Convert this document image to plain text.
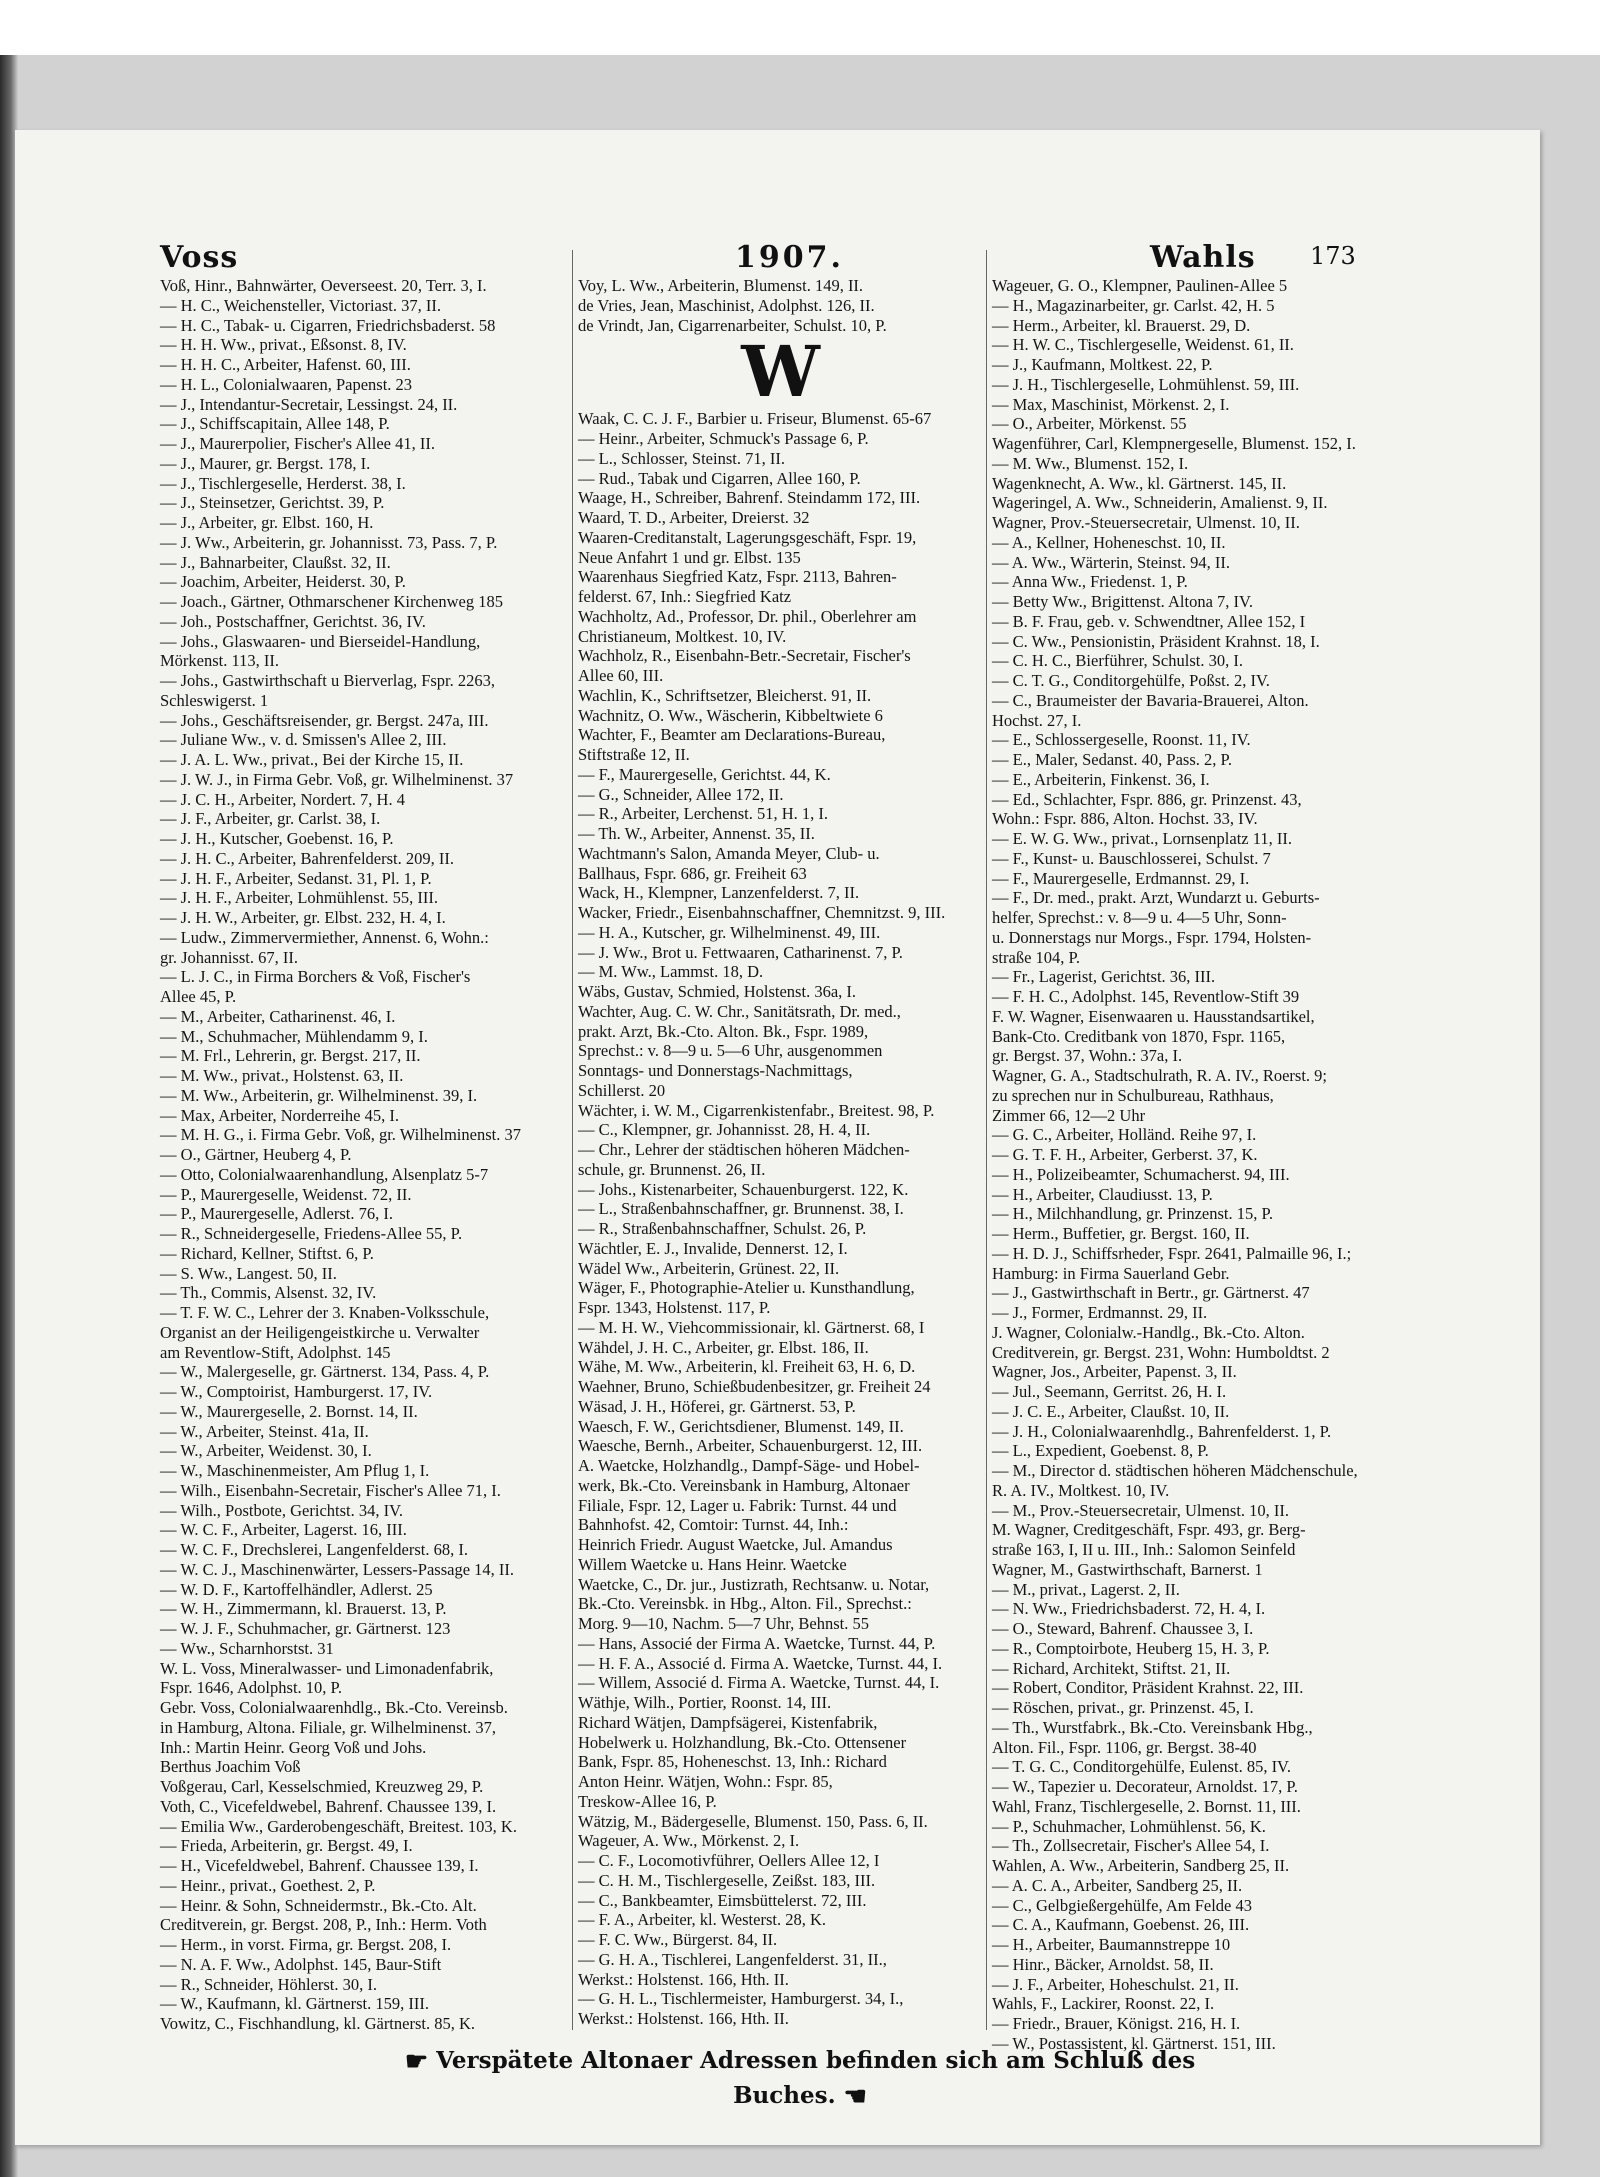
Voss	1907.	Wahls 173
Voß, Hinr., Bahnwärter, Oeverseest. 20, Terr. 3, I.
— H. C., Weichensteller, Victoriast. 37, II.
— H. C., Tabak- u. Cigarren, Friedrichsbaderst. 58
— H. H. Ww., privat., Eßsonst. 8, IV.
— H. H. C., Arbeiter, Hafenst. 60, III.
— H. L., Colonialwaaren, Papenst. 23
— J., Intendantur-Secretair, Lessingst. 24, II.
— J., Schiffscapitain, Allee 148, P.
— J., Maurerpolier, Fischer's Allee 41, II.
— J., Maurer, gr. Bergst. 178, I.
— J., Tischlergeselle, Herderst. 38, I.
— J., Steinsetzer, Gerichtst. 39, P.
— J., Arbeiter, gr. Elbst. 160, H.
— J. Ww., Arbeiterin, gr. Johannisst. 73, Pass. 7, P.
— J., Bahnarbeiter, Claußst. 32, II.
— Joachim, Arbeiter, Heiderst. 30, P.
— Joach., Gärtner, Othmarschener Kirchenweg 185
— Joh., Postschaffner, Gerichtst. 36, IV.
— Johs., Glaswaaren- und Bierseidel-Handlung,
Mörkenst. 113, II.
— Johs., Gastwirthschaft u Bierverlag, Fspr. 2263,
Schleswigerst. 1
— Johs., Geschäftsreisender, gr. Bergst. 247a, III.
— Juliane Ww., v. d. Smissen's Allee 2, III.
— J. A. L. Ww., privat., Bei der Kirche 15, II.
— J. W. J., in Firma Gebr. Voß, gr. Wilhelminenst. 37
— J. C. H., Arbeiter, Nordert. 7, H. 4
— J. F., Arbeiter, gr. Carlst. 38, I.
— J. H., Kutscher, Goebenst. 16, P.
— J. H. C., Arbeiter, Bahrenfelderst. 209, II.
— J. H. F., Arbeiter, Sedanst. 31, Pl. 1, P.
— J. H. F., Arbeiter, Lohmühlenst. 55, III.
— J. H. W., Arbeiter, gr. Elbst. 232, H. 4, I.
— Ludw., Zimmervermiether, Annenst. 6, Wohn.:
gr. Johannisst. 67, II.
— L. J. C., in Firma Borchers & Voß, Fischer's
Allee 45, P.
— M., Arbeiter, Catharinenst. 46, I.
— M., Schuhmacher, Mühlendamm 9, I.
— M. Frl., Lehrerin, gr. Bergst. 217, II.
— M. Ww., privat., Holstenst. 63, II.
— M. Ww., Arbeiterin, gr. Wilhelminenst. 39, I.
— Max, Arbeiter, Norderreihe 45, I.
— M. H. G., i. Firma Gebr. Voß, gr. Wilhelminenst. 37
— O., Gärtner, Heuberg 4, P.
— Otto, Colonialwaarenhandlung, Alsenplatz 5-7
— P., Maurergeselle, Weidenst. 72, II.
— P., Maurergeselle, Adlerst. 76, I.
— R., Schneidergeselle, Friedens-Allee 55, P.
— Richard, Kellner, Stiftst. 6, P.
— S. Ww., Langest. 50, II.
— Th., Commis, Alsenst. 32, IV.
— T. F. W. C., Lehrer der 3. Knaben-Volksschule,
Organist an der Heiligengeistkirche u. Verwalter
am Reventlow-Stift, Adolphst. 145
— W., Malergeselle, gr. Gärtnerst. 134, Pass. 4, P.
— W., Comptoirist, Hamburgerst. 17, IV.
— W., Maurergeselle, 2. Bornst. 14, II.
— W., Arbeiter, Steinst. 41a, II.
— W., Arbeiter, Weidenst. 30, I.
— W., Maschinenmeister, Am Pflug 1, I.
— Wilh., Eisenbahn-Secretair, Fischer's Allee 71, I.
— Wilh., Postbote, Gerichtst. 34, IV.
— W. C. F., Arbeiter, Lagerst. 16, III.
— W. C. F., Drechslerei, Langenfelderst. 68, I.
— W. C. J., Maschinenwärter, Lessers-Passage 14, II.
— W. D. F., Kartoffelhändler, Adlerst. 25
— W. H., Zimmermann, kl. Brauerst. 13, P.
— W. J. F., Schuhmacher, gr. Gärtnerst. 123
— Ww., Scharnhorstst. 31
W. L. Voss, Mineralwasser- und Limonadenfabrik,
Fspr. 1646, Adolphst. 10, P.
Gebr. Voss, Colonialwaarenhdlg., Bk.-Cto. Vereinsb.
in Hamburg, Altona. Filiale, gr. Wilhelminenst. 37,
Inh.: Martin Heinr. Georg Voß und Johs.
Berthus Joachim Voß
Voßgerau, Carl, Kesselschmied, Kreuzweg 29, P.
Voth, C., Vicefeldwebel, Bahrenf. Chaussee 139, I.
— Emilia Ww., Garderobengeschäft, Breitest. 103, K.
— Frieda, Arbeiterin, gr. Bergst. 49, I.
— H., Vicefeldwebel, Bahrenf. Chaussee 139, I.
— Heinr., privat., Goethest. 2, P.
— Heinr. & Sohn, Schneidermstr., Bk.-Cto. Alt.
Creditverein, gr. Bergst. 208, P., Inh.: Herm. Voth
— Herm., in vorst. Firma, gr. Bergst. 208, I.
— N. A. F. Ww., Adolphst. 145, Baur-Stift
— R., Schneider, Höhlerst. 30, I.
— W., Kaufmann, kl. Gärtnerst. 159, III.
Vowitz, C., Fischhandlung, kl. Gärtnerst. 85, K.
Voy, L. Ww., Arbeiterin, Blumenst. 149, II.
de Vries, Jean, Maschinist, Adolphst. 126, II.
de Vrindt, Jan, Cigarrenarbeiter, Schulst. 10, P.
W
Waak, C. C. J. F., Barbier u. Friseur, Blumenst. 65-67
— Heinr., Arbeiter, Schmuck's Passage 6, P.
— L., Schlosser, Steinst. 71, II.
— Rud., Tabak und Cigarren, Allee 160, P.
Waage, H., Schreiber, Bahrenf. Steindamm 172, III.
Waard, T. D., Arbeiter, Dreierst. 32
Waaren-Creditanstalt, Lagerungsgeschäft, Fspr. 19,
Neue Anfahrt 1 und gr. Elbst. 135
Waarenhaus Siegfried Katz, Fspr. 2113, Bahren-
felderst. 67, Inh.: Siegfried Katz
Wachholtz, Ad., Professor, Dr. phil., Oberlehrer am
Christianeum, Moltkest. 10, IV.
Wachholz, R., Eisenbahn-Betr.-Secretair, Fischer's
Allee 60, III.
Wachlin, K., Schriftsetzer, Bleicherst. 91, II.
Wachnitz, O. Ww., Wäscherin, Kibbeltwiete 6
Wachter, F., Beamter am Declarations-Bureau,
Stiftstraße 12, II.
— F., Maurergeselle, Gerichtst. 44, K.
— G., Schneider, Allee 172, II.
— R., Arbeiter, Lerchenst. 51, H. 1, I.
— Th. W., Arbeiter, Annenst. 35, II.
Wachtmann's Salon, Amanda Meyer, Club- u.
Ballhaus, Fspr. 686, gr. Freiheit 63
Wack, H., Klempner, Lanzenfelderst. 7, II.
Wacker, Friedr., Eisenbahnschaffner, Chemnitzst. 9, III.
— H. A., Kutscher, gr. Wilhelminenst. 49, III.
— J. Ww., Brot u. Fettwaaren, Catharinenst. 7, P.
— M. Ww., Lammst. 18, D.
Wäbs, Gustav, Schmied, Holstenst. 36a, I.
Wachter, Aug. C. W. Chr., Sanitätsrath, Dr. med.,
prakt. Arzt, Bk.-Cto. Alton. Bk., Fspr. 1989,
Sprechst.: v. 8—9 u. 5—6 Uhr, ausgenommen
Sonntags- und Donnerstags-Nachmittags,
Schillerst. 20
Wächter, i. W. M., Cigarrenkistenfabr., Breitest. 98, P.
— C., Klempner, gr. Johannisst. 28, H. 4, II.
— Chr., Lehrer der städtischen höheren Mädchen-
schule, gr. Brunnenst. 26, II.
— Johs., Kistenarbeiter, Schauenburgerst. 122, K.
— L., Straßenbahnschaffner, gr. Brunnenst. 38, I.
— R., Straßenbahnschaffner, Schulst. 26, P.
Wächtler, E. J., Invalide, Dennerst. 12, I.
Wädel Ww., Arbeiterin, Grünest. 22, II.
Wäger, F., Photographie-Atelier u. Kunsthandlung,
Fspr. 1343, Holstenst. 117, P.
— M. H. W., Viehcommissionair, kl. Gärtnerst. 68, I
Wähdel, J. H. C., Arbeiter, gr. Elbst. 186, II.
Wähe, M. Ww., Arbeiterin, kl. Freiheit 63, H. 6, D.
Waehner, Bruno, Schießbudenbesitzer, gr. Freiheit 24
Wäsad, J. H., Höferei, gr. Gärtnerst. 53, P.
Waesch, F. W., Gerichtsdiener, Blumenst. 149, II.
Waesche, Bernh., Arbeiter, Schauenburgerst. 12, III.
A. Waetcke, Holzhandlg., Dampf-Säge- und Hobel-
werk, Bk.-Cto. Vereinsbank in Hamburg, Altonaer
Filiale, Fspr. 12, Lager u. Fabrik: Turnst. 44 und
Bahnhofst. 42, Comtoir: Turnst. 44, Inh.:
Heinrich Friedr. August Waetcke, Jul. Amandus
Willem Waetcke u. Hans Heinr. Waetcke
Waetcke, C., Dr. jur., Justizrath, Rechtsanw. u. Notar,
Bk.-Cto. Vereinsbk. in Hbg., Alton. Fil., Sprechst.:
Morg. 9—10, Nachm. 5—7 Uhr, Behnst. 55
— Hans, Associé der Firma A. Waetcke, Turnst. 44, P.
— H. F. A., Associé d. Firma A. Waetcke, Turnst. 44, I.
— Willem, Associé d. Firma A. Waetcke, Turnst. 44, I.
Wäthje, Wilh., Portier, Roonst. 14, III.
Richard Wätjen, Dampfsägerei, Kistenfabrik,
Hobelwerk u. Holzhandlung, Bk.-Cto. Ottensener
Bank, Fspr. 85, Hoheneschst. 13, Inh.: Richard
Anton Heinr. Wätjen, Wohn.: Fspr. 85,
Treskow-Allee 16, P.
Wätzig, M., Bädergeselle, Blumenst. 150, Pass. 6, II.
Wageuer, A. Ww., Mörkenst. 2, I.
— C. F., Locomotivführer, Oellers Allee 12, I
— C. H. M., Tischlergeselle, Zeißst. 183, III.
— C., Bankbeamter, Eimsbüttelerst. 72, III.
— F. A., Arbeiter, kl. Westerst. 28, K.
— F. C. Ww., Bürgerst. 84, II.
— G. H. A., Tischlerei, Langenfelderst. 31, II.,
Werkst.: Holstenst. 166, Hth. II.
— G. H. L., Tischlermeister, Hamburgerst. 34, I.,
Werkst.: Holstenst. 166, Hth. II.
Wageuer, G. O., Klempner, Paulinen-Allee 5
— H., Magazinarbeiter, gr. Carlst. 42, H. 5
— Herm., Arbeiter, kl. Brauerst. 29, D.
— H. W. C., Tischlergeselle, Weidenst. 61, II.
— J., Kaufmann, Moltkest. 22, P.
— J. H., Tischlergeselle, Lohmühlenst. 59, III.
— Max, Maschinist, Mörkenst. 2, I.
— O., Arbeiter, Mörkenst. 55
Wagenführer, Carl, Klempnergeselle, Blumenst. 152, I.
— M. Ww., Blumenst. 152, I.
Wagenknecht, A. Ww., kl. Gärtnerst. 145, II.
Wageringel, A. Ww., Schneiderin, Amalienst. 9, II.
Wagner, Prov.-Steuersecretair, Ulmenst. 10, II.
— A., Kellner, Hoheneschst. 10, II.
— A. Ww., Wärterin, Steinst. 94, II.
— Anna Ww., Friedenst. 1, P.
— Betty Ww., Brigittenst. Altona 7, IV.
— B. F. Frau, geb. v. Schwendtner, Allee 152, I
— C. Ww., Pensionistin, Präsident Krahnst. 18, I.
— C. H. C., Bierführer, Schulst. 30, I.
— C. T. G., Conditorgehülfe, Poßst. 2, IV.
— C., Braumeister der Bavaria-Brauerei, Alton.
Hochst. 27, I.
— E., Schlossergeselle, Roonst. 11, IV.
— E., Maler, Sedanst. 40, Pass. 2, P.
— E., Arbeiterin, Finkenst. 36, I.
— Ed., Schlachter, Fspr. 886, gr. Prinzenst. 43,
Wohn.: Fspr. 886, Alton. Hochst. 33, IV.
— E. W. G. Ww., privat., Lornsenplatz 11, II.
— F., Kunst- u. Bauschlosserei, Schulst. 7
— F., Maurergeselle, Erdmannst. 29, I.
— F., Dr. med., prakt. Arzt, Wundarzt u. Geburts-
helfer, Sprechst.: v. 8—9 u. 4—5 Uhr, Sonn-
u. Donnerstags nur Morgs., Fspr. 1794, Holsten-
straße 104, P.
— Fr., Lagerist, Gerichtst. 36, III.
— F. H. C., Adolphst. 145, Reventlow-Stift 39
F. W. Wagner, Eisenwaaren u. Hausstandsartikel,
Bank-Cto. Creditbank von 1870, Fspr. 1165,
gr. Bergst. 37, Wohn.: 37a, I.
Wagner, G. A., Stadtschulrath, R. A. IV., Roerst. 9;
zu sprechen nur in Schulbureau, Rathhaus,
Zimmer 66, 12—2 Uhr
— G. C., Arbeiter, Holländ. Reihe 97, I.
— G. T. F. H., Arbeiter, Gerberst. 37, K.
— H., Polizeibeamter, Schumacherst. 94, III.
— H., Arbeiter, Claudiusst. 13, P.
— H., Milchhandlung, gr. Prinzenst. 15, P.
— Herm., Buffetier, gr. Bergst. 160, II.
— H. D. J., Schiffsrheder, Fspr. 2641, Palmaille 96, I.;
Hamburg: in Firma Sauerland Gebr.
— J., Gastwirthschaft in Bertr., gr. Gärtnerst. 47
— J., Former, Erdmannst. 29, II.
J. Wagner, Colonialw.-Handlg., Bk.-Cto. Alton.
Creditverein, gr. Bergst. 231, Wohn: Humboldtst. 2
Wagner, Jos., Arbeiter, Papenst. 3, II.
— Jul., Seemann, Gerritst. 26, H. I.
— J. C. E., Arbeiter, Claußst. 10, II.
— J. H., Colonialwaarenhdlg., Bahrenfelderst. 1, P.
— L., Expedient, Goebenst. 8, P.
— M., Director d. städtischen höheren Mädchenschule,
R. A. IV., Moltkest. 10, IV.
— M., Prov.-Steuersecretair, Ulmenst. 10, II.
M. Wagner, Creditgeschäft, Fspr. 493, gr. Berg-
straße 163, I, II u. III., Inh.: Salomon Seinfeld
Wagner, M., Gastwirthschaft, Barnerst. 1
— M., privat., Lagerst. 2, II.
— N. Ww., Friedrichsbaderst. 72, H. 4, I.
— O., Steward, Bahrenf. Chaussee 3, I.
— R., Comptoirbote, Heuberg 15, H. 3, P.
— Richard, Architekt, Stiftst. 21, II.
— Robert, Conditor, Präsident Krahnst. 22, III.
— Röschen, privat., gr. Prinzenst. 45, I.
— Th., Wurstfabrk., Bk.-Cto. Vereinsbank Hbg.,
Alton. Fil., Fspr. 1106, gr. Bergst. 38-40
— T. G. C., Conditorgehülfe, Eulenst. 85, IV.
— W., Tapezier u. Decorateur, Arnoldst. 17, P.
Wahl, Franz, Tischlergeselle, 2. Bornst. 11, III.
— P., Schuhmacher, Lohmühlenst. 56, K.
— Th., Zollsecretair, Fischer's Allee 54, I.
Wahlen, A. Ww., Arbeiterin, Sandberg 25, II.
— A. C. A., Arbeiter, Sandberg 25, II.
— C., Gelbgießergehülfe, Am Felde 43
— C. A., Kaufmann, Goebenst. 26, III.
— H., Arbeiter, Baumannstreppe 10
— Hinr., Bäcker, Arnoldst. 58, II.
— J. F., Arbeiter, Hoheschulst. 21, II.
Wahls, F., Lackirer, Roonst. 22, I.
— Friedr., Brauer, Königst. 216, H. I.
— W., Postassistent, kl. Gärtnerst. 151, III.
☛ Verspätete Altonaer Adressen befinden sich am Schluß des Buches. ☚
